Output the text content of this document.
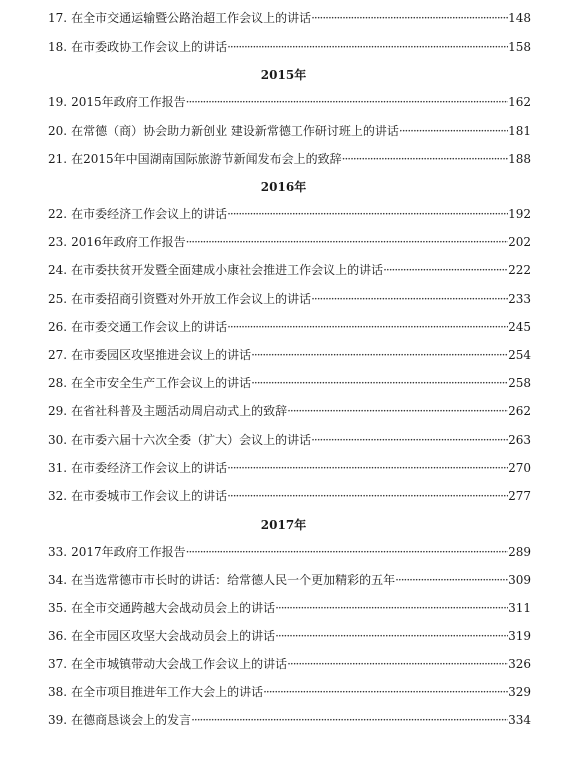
17. 在全市交通运输暨公路治超工作会议上的讲话 ·····	148
18. 在市委政协工作会议上的讲话 ·····	158
2015年
19. 2015年政府工作报告 ·····	162
20. 在常德（商）协会助力新创业 建设新常德工作研讨班上的讲话 ·····	181
21. 在2015年中国湖南国际旅游节新闻发布会上的致辞 ·····	188
2016年
22. 在市委经济工作会议上的讲话 ·····	192
23. 2016年政府工作报告 ·····	202
24. 在市委扶贫开发暨全面建成小康社会推进工作会议上的讲话 ·····	222
25. 在市委招商引资暨对外开放工作会议上的讲话 ·····	233
26. 在市委交通工作会议上的讲话 ·····	245
27. 在市委园区攻坚推进会议上的讲话 ·····	254
28. 在全市安全生产工作会议上的讲话 ·····	258
29. 在省社科普及主题活动周启动式上的致辞 ·····	262
30. 在市委六届十六次全委（扩大）会议上的讲话 ·····	263
31. 在市委经济工作会议上的讲话 ·····	270
32. 在市委城市工作会议上的讲话 ·····	277
2017年
33. 2017年政府工作报告 ·····	289
34. 在当选常德市市长时的讲话：给常德人民一个更加精彩的五年 ·····	309
35. 在全市交通跨越大会战动员会上的讲话 ·····	311
36. 在全市园区攻坚大会战动员会上的讲话 ·····	319
37. 在全市城镇带动大会战工作会议上的讲话 ·····	326
38. 在全市项目推进年工作大会上的讲话 ·····	329
39. 在德商恳谈会上的发言 ·····	334
